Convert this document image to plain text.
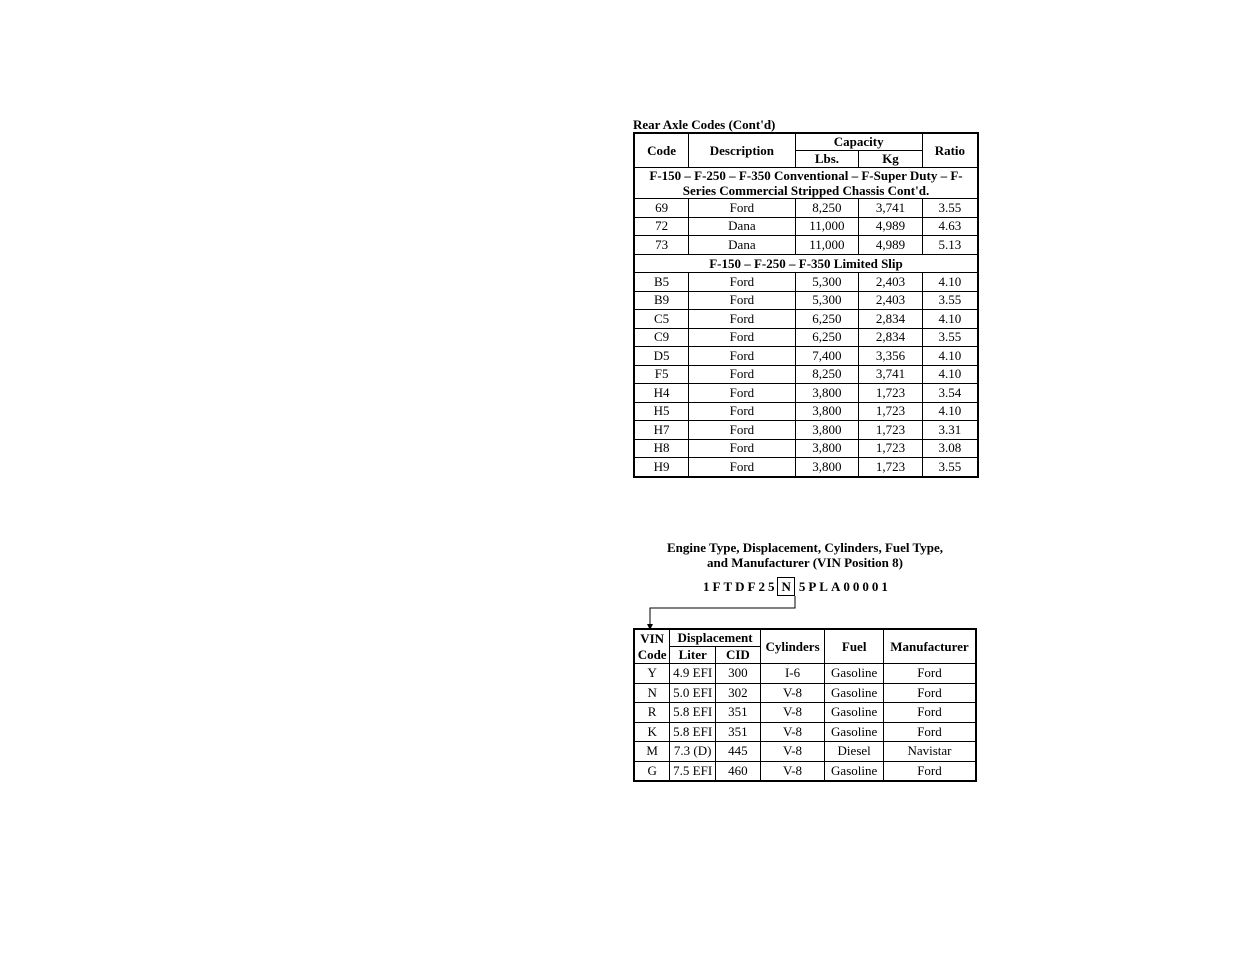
Rear Axle Codes (Cont'd)
Code	Description	Capacity		Ratio
		Lbs.	Kg	
F-150 – F-250 – F-350 Conventional – F-Super Duty – F-Series Commercial Stripped Chassis Cont'd.				
69	Ford	8,250	3,741	3.55
72	Dana	11,000	4,989	4.63
73	Dana	11,000	4,989	5.13
F-150 – F-250 – F-350 Limited Slip				
B5	Ford	5,300	2,403	4.10
B9	Ford	5,300	2,403	3.55
C5	Ford	6,250	2,834	4.10
C9	Ford	6,250	2,834	3.55
D5	Ford	7,400	3,356	4.10
F5	Ford	8,250	3,741	4.10
H4	Ford	3,800	1,723	3.54
H5	Ford	3,800	1,723	4.10
H7	Ford	3,800	1,723	3.31
H8	Ford	3,800	1,723	3.08
H9	Ford	3,800	1,723	3.55
Engine Type, Displacement, Cylinders, Fuel Type,
and Manufacturer (VIN Position 8)
1FTDF25 N 5PLA00001
VIN
Code	Displacement		Cylinders	Fuel	Manufacturer
	Liter	CID			
Y	4.9 EFI	300	I-6	Gasoline	Ford
N	5.0 EFI	302	V-8	Gasoline	Ford
R	5.8 EFI	351	V-8	Gasoline	Ford
K	5.8 EFI	351	V-8	Gasoline	Ford
M	7.3 (D)	445	V-8	Diesel	Navistar
G	7.5 EFI	460	V-8	Gasoline	Ford
